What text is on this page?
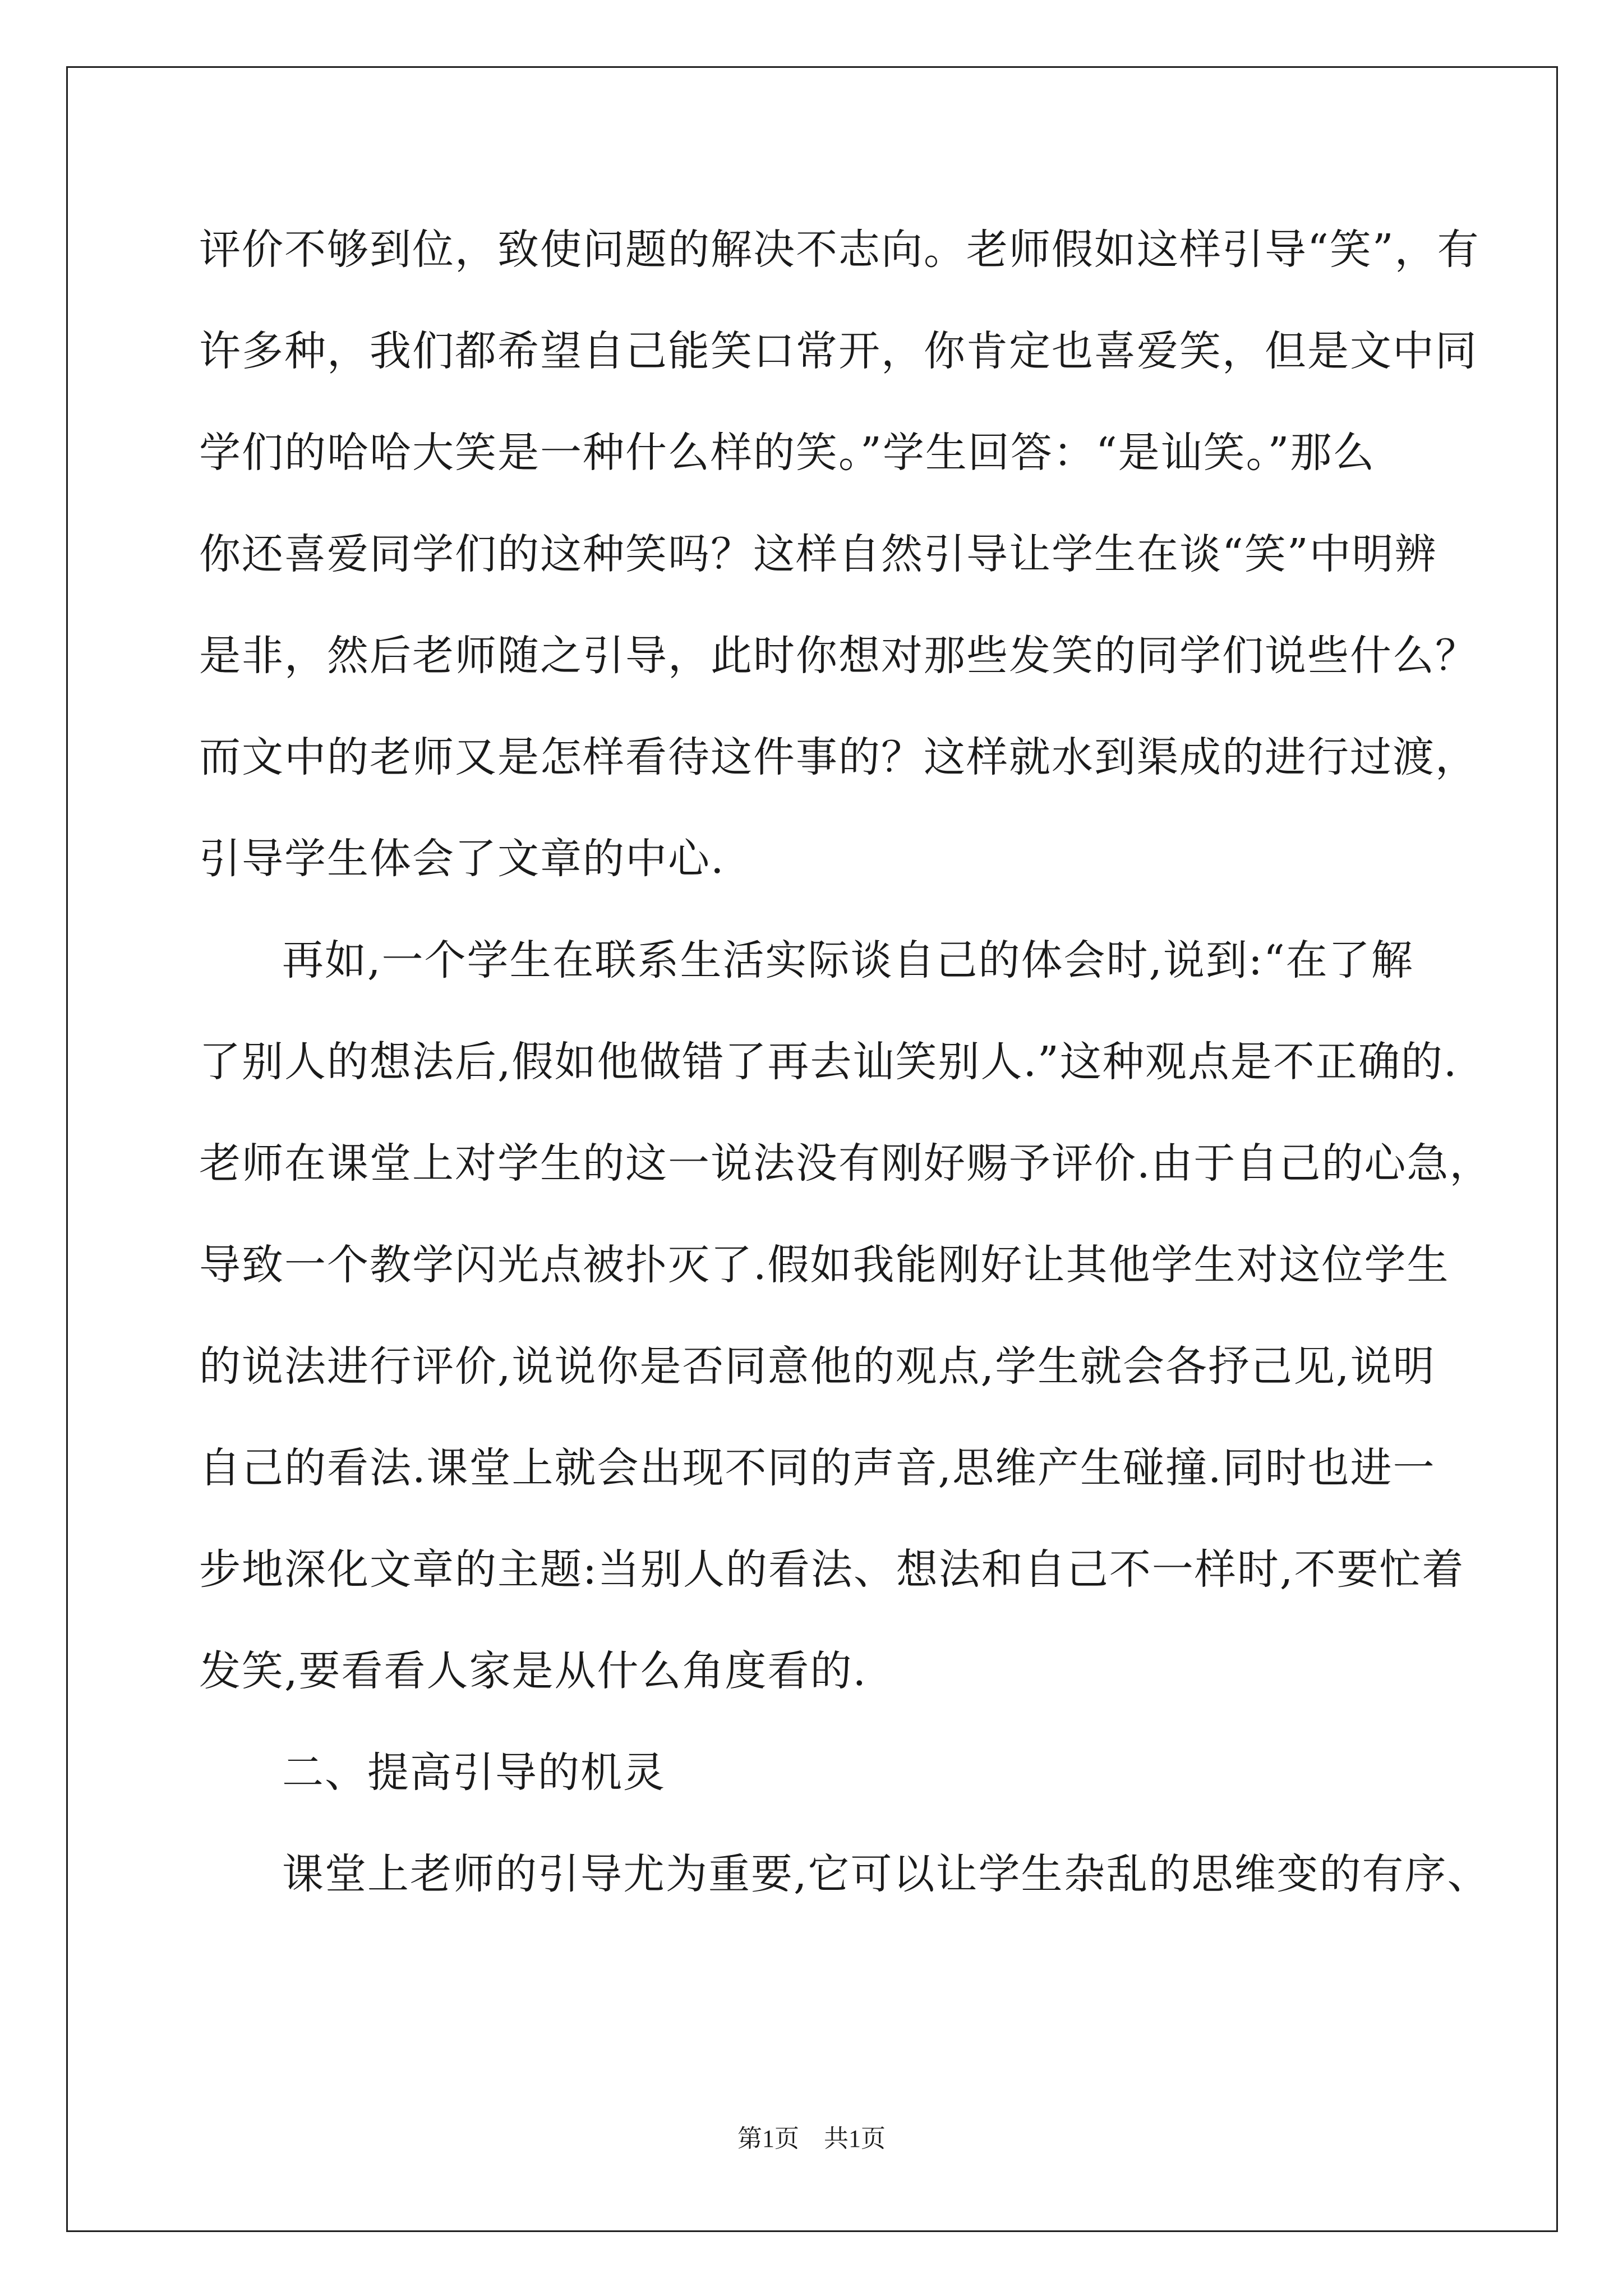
评价不够到位，致使问题的解决不志向。老师假如这样引导“笑”，有
许多种，我们都希望自己能笑口常开，你肯定也喜爱笑，但是文中同
学们的哈哈大笑是一种什么样的笑。”学生回答：“是讪笑。”那么
你还喜爱同学们的这种笑吗？这样自然引导让学生在谈“笑”中明辨
是非，然后老师随之引导，此时你想对那些发笑的同学们说些什么？
而文中的老师又是怎样看待这件事的？这样就水到渠成的进行过渡，
引导学生体会了文章的中心.
再如,一个学生在联系生活实际谈自己的体会时,说到:“在了解
了别人的想法后,假如他做错了再去讪笑别人.”这种观点是不正确的.
老师在课堂上对学生的这一说法没有刚好赐予评价.由于自己的心急，
导致一个教学闪光点被扑灭了.假如我能刚好让其他学生对这位学生
的说法进行评价,说说你是否同意他的观点,学生就会各抒己见,说明
自己的看法.课堂上就会出现不同的声音,思维产生碰撞.同时也进一
步地深化文章的主题:当别人的看法、想法和自己不一样时,不要忙着
发笑,要看看人家是从什么角度看的.
二、提高引导的机灵
课堂上老师的引导尤为重要,它可以让学生杂乱的思维变的有序、
第1页　共1页
